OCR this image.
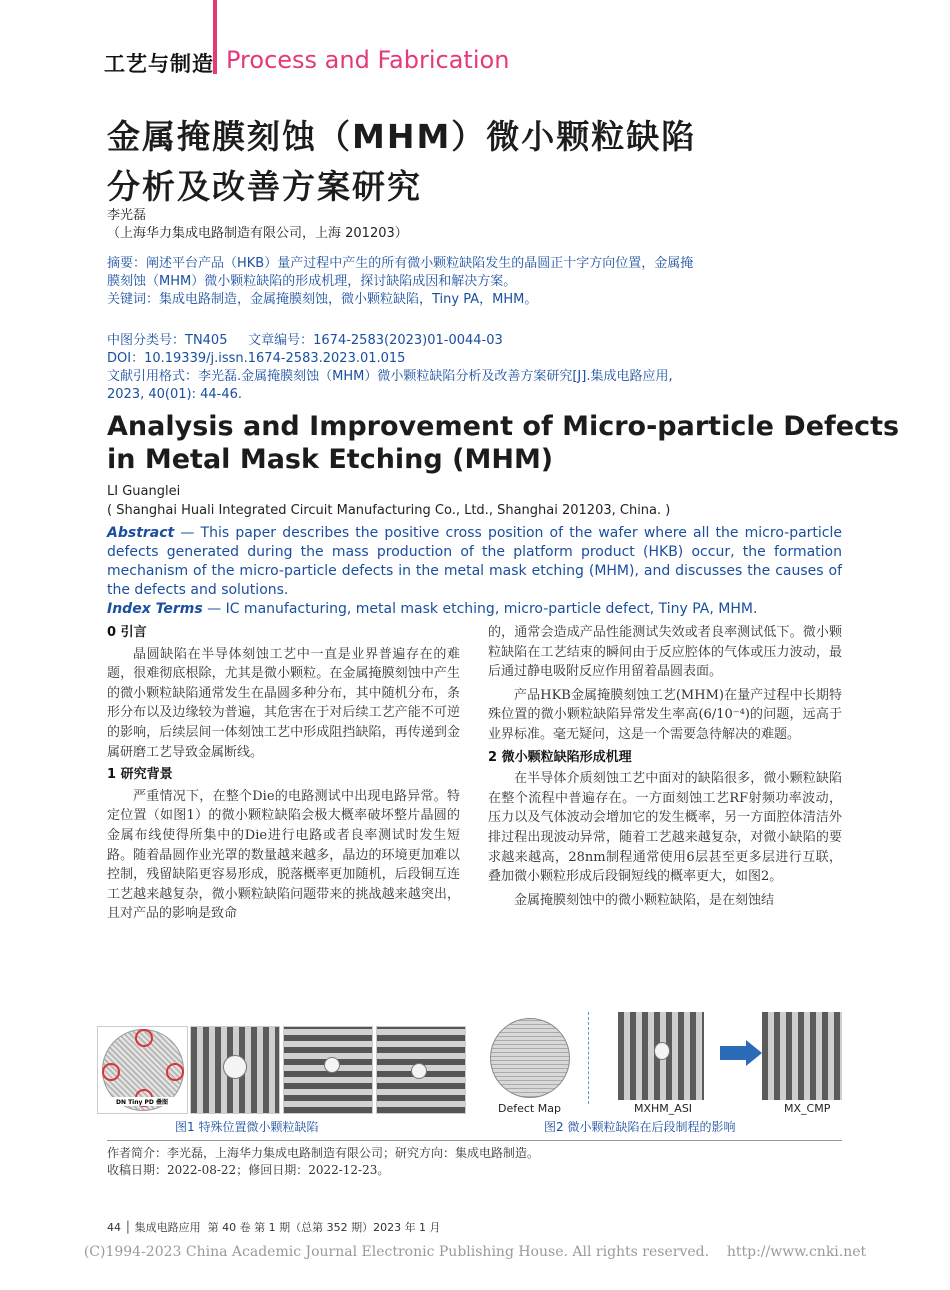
工艺与制造 Process and Fabrication
金属掩膜刻蚀（MHM）微小颗粒缺陷
分析及改善方案研究
李光磊
（上海华力集成电路制造有限公司，上海 201203）
摘要：阐述平台产品（HKB）量产过程中产生的所有微小颗粒缺陷发生的晶圆正十字方向位置，金属掩
膜刻蚀（MHM）微小颗粒缺陷的形成机理，探讨缺陷成因和解决方案。
关键词：集成电路制造，金属掩膜刻蚀，微小颗粒缺陷，Tiny PA，MHM。
中图分类号：TN405     文章编号：1674-2583(2023)01-0044-03
DOI：10.19339/j.issn.1674-2583.2023.01.015
文献引用格式：李光磊.金属掩膜刻蚀（MHM）微小颗粒缺陷分析及改善方案研究[J].集成电路应用,
2023, 40(01): 44-46.
Analysis and Improvement of Micro-particle Defects
in Metal Mask Etching (MHM)
LI Guanglei
( Shanghai Huali Integrated Circuit Manufacturing Co., Ltd., Shanghai 201203, China. )
Abstract — This paper describes the positive cross position of the wafer where all the micro-particle defects generated during the mass production of the platform product (HKB) occur, the formation mechanism of the micro-particle defects in the metal mask etching (MHM), and discusses the causes of the defects and solutions.
Index Terms — IC manufacturing, metal mask etching, micro-particle defect, Tiny PA, MHM.
0 引言

晶圆缺陷在半导体刻蚀工艺中一直是业界普遍存在的难题，很难彻底根除，尤其是微小颗粒。在金属掩膜刻蚀中产生的微小颗粒缺陷通常发生在晶圆多种分布，其中随机分布，条形分布以及边缘较为普遍，其危害在于对后续工艺产能不可逆的影响，后续层间一体刻蚀工艺中形成阻挡缺陷，再传递到金属研磨工艺导致金属断线。

1 研究背景

严重情况下，在整个Die的电路测试中出现电路异常。特定位置（如图1）的微小颗粒缺陷会极大概率破坏整片晶圆的金属布线使得所集中的Die进行电路或者良率测试时发生短路。随着晶圆作业光罩的数量越来越多，晶边的环境更加难以控制，残留缺陷更容易形成，脱落概率更加随机，后段铜互连工艺越来越复杂，微小颗粒缺陷问题带来的挑战越来越突出，且对产品的影响是致命

的，通常会造成产品性能测试失效或者良率测试低下。微小颗粒缺陷在工艺结束的瞬间由于反应腔体的气体或压力波动，最后通过静电吸附反应作用留着晶圆表面。

产品HKB金属掩膜刻蚀工艺(MHM)在量产过程中长期特殊位置的微小颗粒缺陷异常发生率高(6/10⁻⁴)的问题，远高于业界标准。毫无疑问，这是一个需要急待解决的难题。

2 微小颗粒缺陷形成机理

在半导体介质刻蚀工艺中面对的缺陷很多，微小颗粒缺陷在整个流程中普遍存在。一方面刻蚀工艺RF射频功率波动，压力以及气体波动会增加它的发生概率，另一方面腔体清洁外排过程出现波动异常，随着工艺越来越复杂，对微小缺陷的要求越来越高，28nm制程通常使用6层甚至更多层进行互联，叠加微小颗粒形成后段铜短线的概率更大，如图2。

金属掩膜刻蚀中的微小颗粒缺陷，是在刻蚀结

DN Tiny PD 叠图
图1 特殊位置微小颗粒缺陷
Defect Map	MXHM_ASI	MX_CMP
图2 微小颗粒缺陷在后段制程的影响
作者简介：李光磊，上海华力集成电路制造有限公司；研究方向：集成电路制造。
收稿日期：2022-08-22；修回日期：2022-12-23。
44 │ 集成电路应用  第 40 卷 第 1 期（总第 352 期）2023 年 1 月
(C)1994-2023 China Academic Journal Electronic Publishing House. All rights reserved.    http://www.cnki.net
